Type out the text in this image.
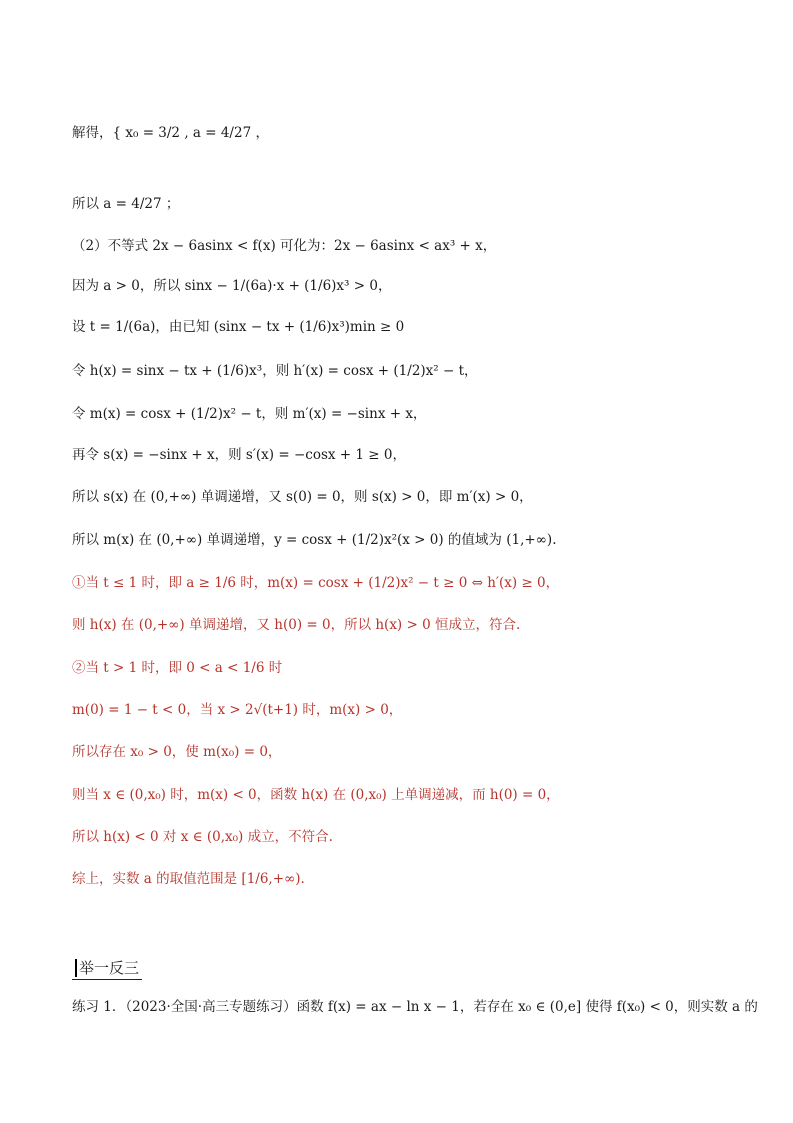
解得，{ x₀ = 3/2 , a = 4/27 ，
所以 a = 4/27 ；
（2）不等式 2x − 6asinx < f(x) 可化为：2x − 6asinx < ax³ + x，
因为 a > 0，所以 sinx − 1/(6a)·x + (1/6)x³ > 0，
设 t = 1/(6a)，由已知 (sinx − tx + (1/6)x³)min ≥ 0
令 h(x) = sinx − tx + (1/6)x³，则 h′(x) = cosx + (1/2)x² − t，
令 m(x) = cosx + (1/2)x² − t，则 m′(x) = −sinx + x，
再令 s(x) = −sinx + x，则 s′(x) = −cosx + 1 ≥ 0，
所以 s(x) 在 (0,+∞) 单调递增，又 s(0) = 0，则 s(x) > 0，即 m′(x) > 0，
所以 m(x) 在 (0,+∞) 单调递增，y = cosx + (1/2)x²(x > 0) 的值域为 (1,+∞).
①当 t ≤ 1 时，即 a ≥ 1/6 时，m(x) = cosx + (1/2)x² − t ≥ 0 ⇔ h′(x) ≥ 0，
则 h(x) 在 (0,+∞) 单调递增，又 h(0) = 0，所以 h(x) > 0 恒成立，符合.
②当 t > 1 时，即 0 < a < 1/6 时
m(0) = 1 − t < 0，当 x > 2√(t+1) 时，m(x) > 0，
所以存在 x₀ > 0，使 m(x₀) = 0，
则当 x ∈ (0,x₀) 时，m(x) < 0，函数 h(x) 在 (0,x₀) 上单调递减，而 h(0) = 0，
所以 h(x) < 0 对 x ∈ (0,x₀) 成立，不符合.
综上，实数 a 的取值范围是 [1/6,+∞).
练习 1．（2023·全国·高三专题练习）函数 f(x) = ax − ln x − 1，若存在 x₀ ∈ (0,e] 使得 f(x₀) < 0，则实数 a 的
举一反三
